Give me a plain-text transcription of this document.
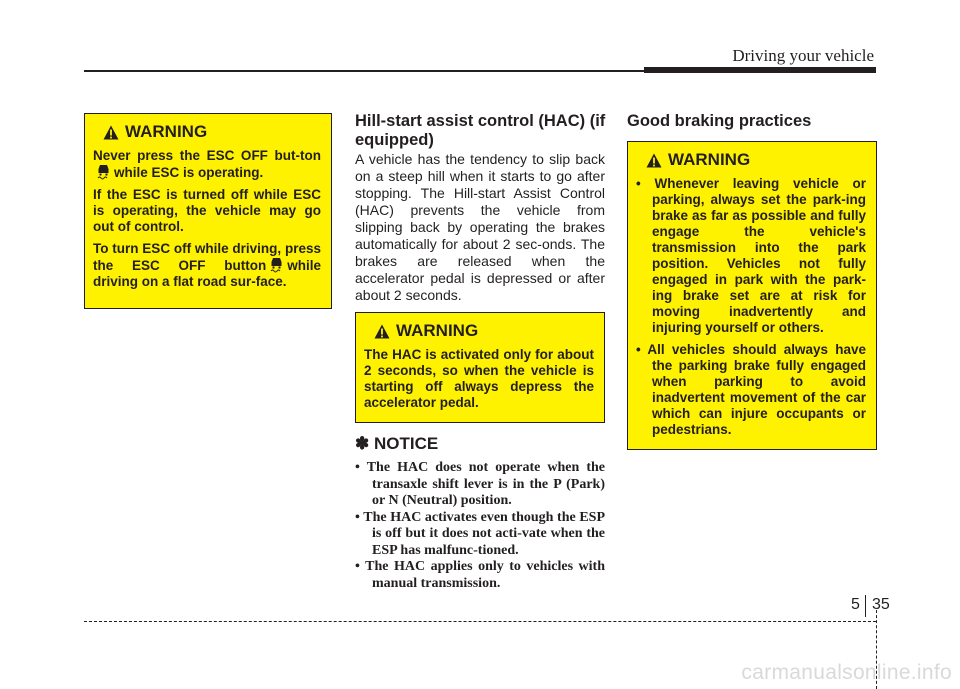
Driving your vehicle
WARNING

Never press the ESC OFF but-tonwhile ESC is operating.

If the ESC is turned off while ESC is operating, the vehicle may go out of control.

To turn ESC off while driving, press the ESC OFF button while driving on a flat road sur-face.

Hill-start assist control (HAC) (if equipped)

A vehicle has the tendency to slip back on a steep hill when it starts to go after stopping. The Hill-start Assist Control (HAC) prevents the vehicle from slipping back by operating the brakes automatically for about 2 sec-onds. The brakes are released when the accelerator pedal is depressed or after about 2 seconds.

WARNING

The HAC is activated only for about 2 seconds, so when the vehicle is starting off always depress the accelerator pedal.

✽ NOTICE
• The HAC does not operate when the transaxle shift lever is in the P (Park) or N (Neutral) position.
• The HAC activates even though the ESP is off but it does not acti-vate when the ESP has malfunc-tioned.
• The HAC applies only to vehicles with manual transmission.
Good braking practices
WARNING
• Whenever leaving vehicle or parking, always set the park-ing brake as far as possible and fully engage the vehicle's transmission into the park position. Vehicles not fully engaged in park with the park-ing brake set are at risk for moving inadvertently and injuring yourself or others.
• All vehicles should always have the parking brake fully engaged when parking to avoid inadvertent movement of the car which can injure occupants or pedestrians.
5 35
carmanualsonline.info
